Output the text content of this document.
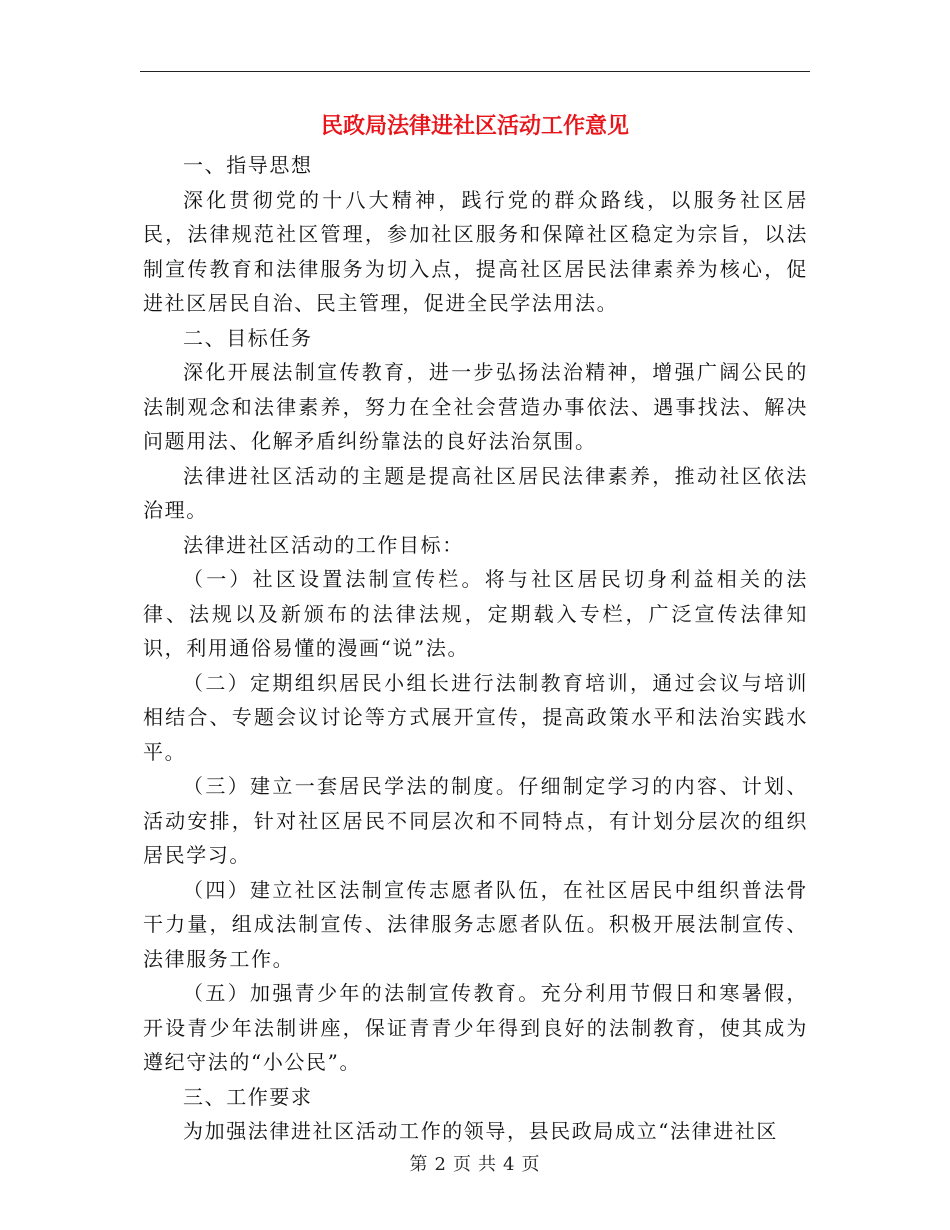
民政局法律进社区活动工作意见

一、指导思想

深化贯彻党的十八大精神，践行党的群众路线，以服务社区居民，法律规范社区管理，参加社区服务和保障社区稳定为宗旨，以法制宣传教育和法律服务为切入点，提高社区居民法律素养为核心，促进社区居民自治、民主管理，促进全民学法用法。

二、目标任务

深化开展法制宣传教育，进一步弘扬法治精神，增强广阔公民的法制观念和法律素养，努力在全社会营造办事依法、遇事找法、解决问题用法、化解矛盾纠纷靠法的良好法治氛围。

法律进社区活动的主题是提高社区居民法律素养，推动社区依法治理。

法律进社区活动的工作目标：

（一）社区设置法制宣传栏。将与社区居民切身利益相关的法律、法规以及新颁布的法律法规，定期载入专栏，广泛宣传法律知识，利用通俗易懂的漫画“说”法。

（二）定期组织居民小组长进行法制教育培训，通过会议与培训相结合、专题会议讨论等方式展开宣传，提高政策水平和法治实践水平。

（三）建立一套居民学法的制度。仔细制定学习的内容、计划、活动安排，针对社区居民不同层次和不同特点，有计划分层次的组织居民学习。

（四）建立社区法制宣传志愿者队伍，在社区居民中组织普法骨干力量，组成法制宣传、法律服务志愿者队伍。积极开展法制宣传、法律服务工作。

（五）加强青少年的法制宣传教育。充分利用节假日和寒暑假，开设青少年法制讲座，保证青青少年得到良好的法制教育，使其成为遵纪守法的“小公民”。

三、工作要求

为加强法律进社区活动工作的领导，县民政局成立“法律进社区

第 2 页 共 4 页
